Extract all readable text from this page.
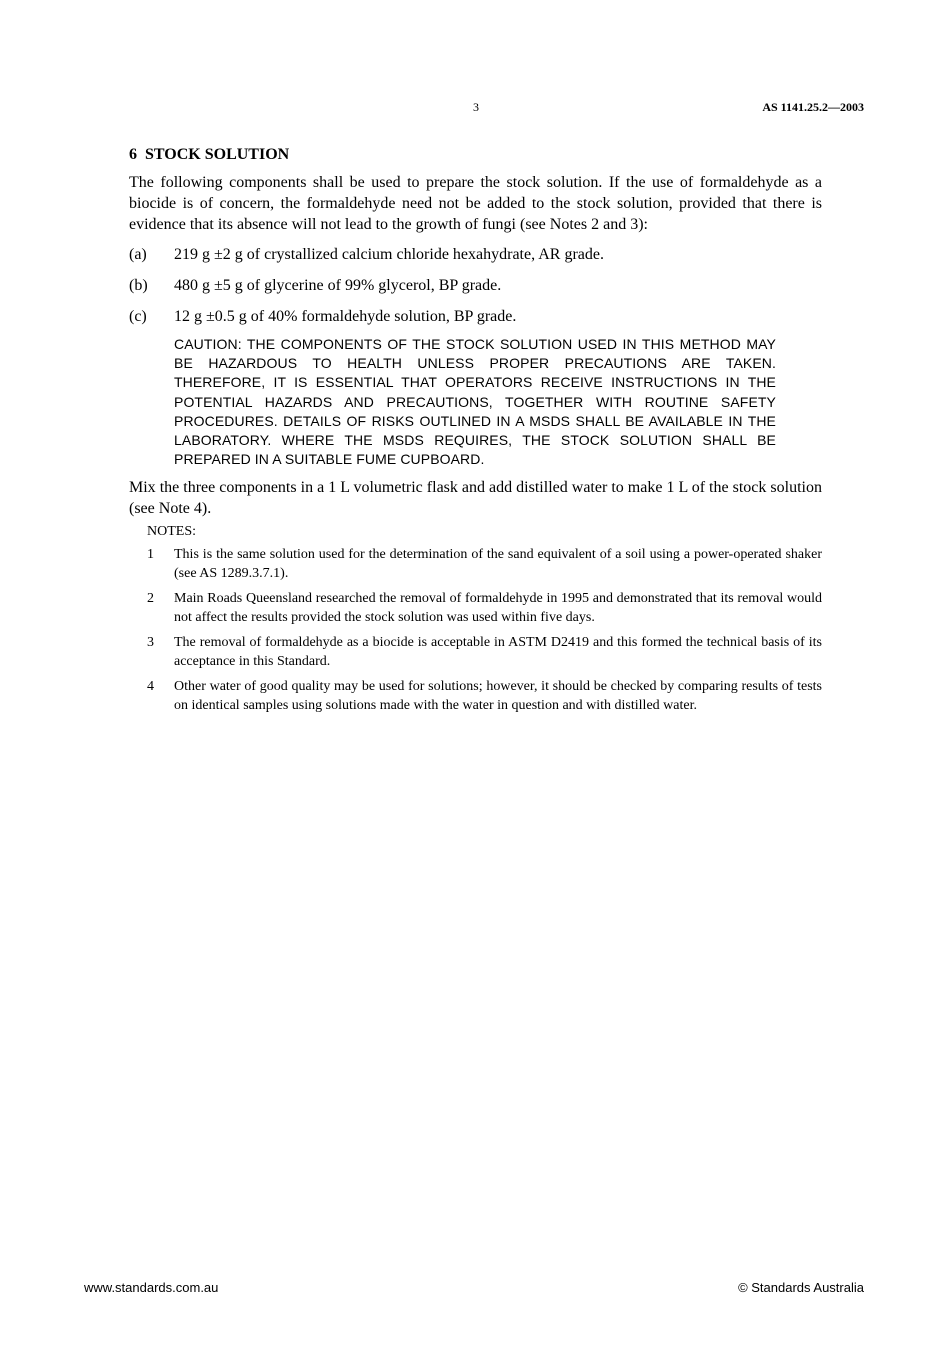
3	AS 1141.25.2—2003
6 STOCK SOLUTION

The following components shall be used to prepare the stock solution. If the use of formaldehyde as a biocide is of concern, the formaldehyde need not be added to the stock solution, provided that there is evidence that its absence will not lead to the growth of fungi (see Notes 2 and 3):

(a)	219 g ±2 g of crystallized calcium chloride hexahydrate, AR grade.
(b)	480 g ±5 g of glycerine of 99% glycerol, BP grade.
(c)	12 g ±0.5 g of 40% formaldehyde solution, BP grade.
CAUTION: THE COMPONENTS OF THE STOCK SOLUTION USED IN THIS METHOD MAY BE HAZARDOUS TO HEALTH UNLESS PROPER PRECAUTIONS ARE TAKEN. THEREFORE, IT IS ESSENTIAL THAT OPERATORS RECEIVE INSTRUCTIONS IN THE POTENTIAL HAZARDS AND PRECAUTIONS, TOGETHER WITH ROUTINE SAFETY PROCEDURES. DETAILS OF RISKS OUTLINED IN A MSDS SHALL BE AVAILABLE IN THE LABORATORY. WHERE THE MSDS REQUIRES, THE STOCK SOLUTION SHALL BE PREPARED IN A SUITABLE FUME CUPBOARD.

Mix the three components in a 1 L volumetric flask and add distilled water to make 1 L of the stock solution (see Note 4).

NOTES:
1	This is the same solution used for the determination of the sand equivalent of a soil using a power-operated shaker (see AS 1289.3.7.1).
2	Main Roads Queensland researched the removal of formaldehyde in 1995 and demonstrated that its removal would not affect the results provided the stock solution was used within five days.
3	The removal of formaldehyde as a biocide is acceptable in ASTM D2419 and this formed the technical basis of its acceptance in this Standard.
4	Other water of good quality may be used for solutions; however, it should be checked by comparing results of tests on identical samples using solutions made with the water in question and with distilled water.
www.standards.com.au	© Standards Australia
